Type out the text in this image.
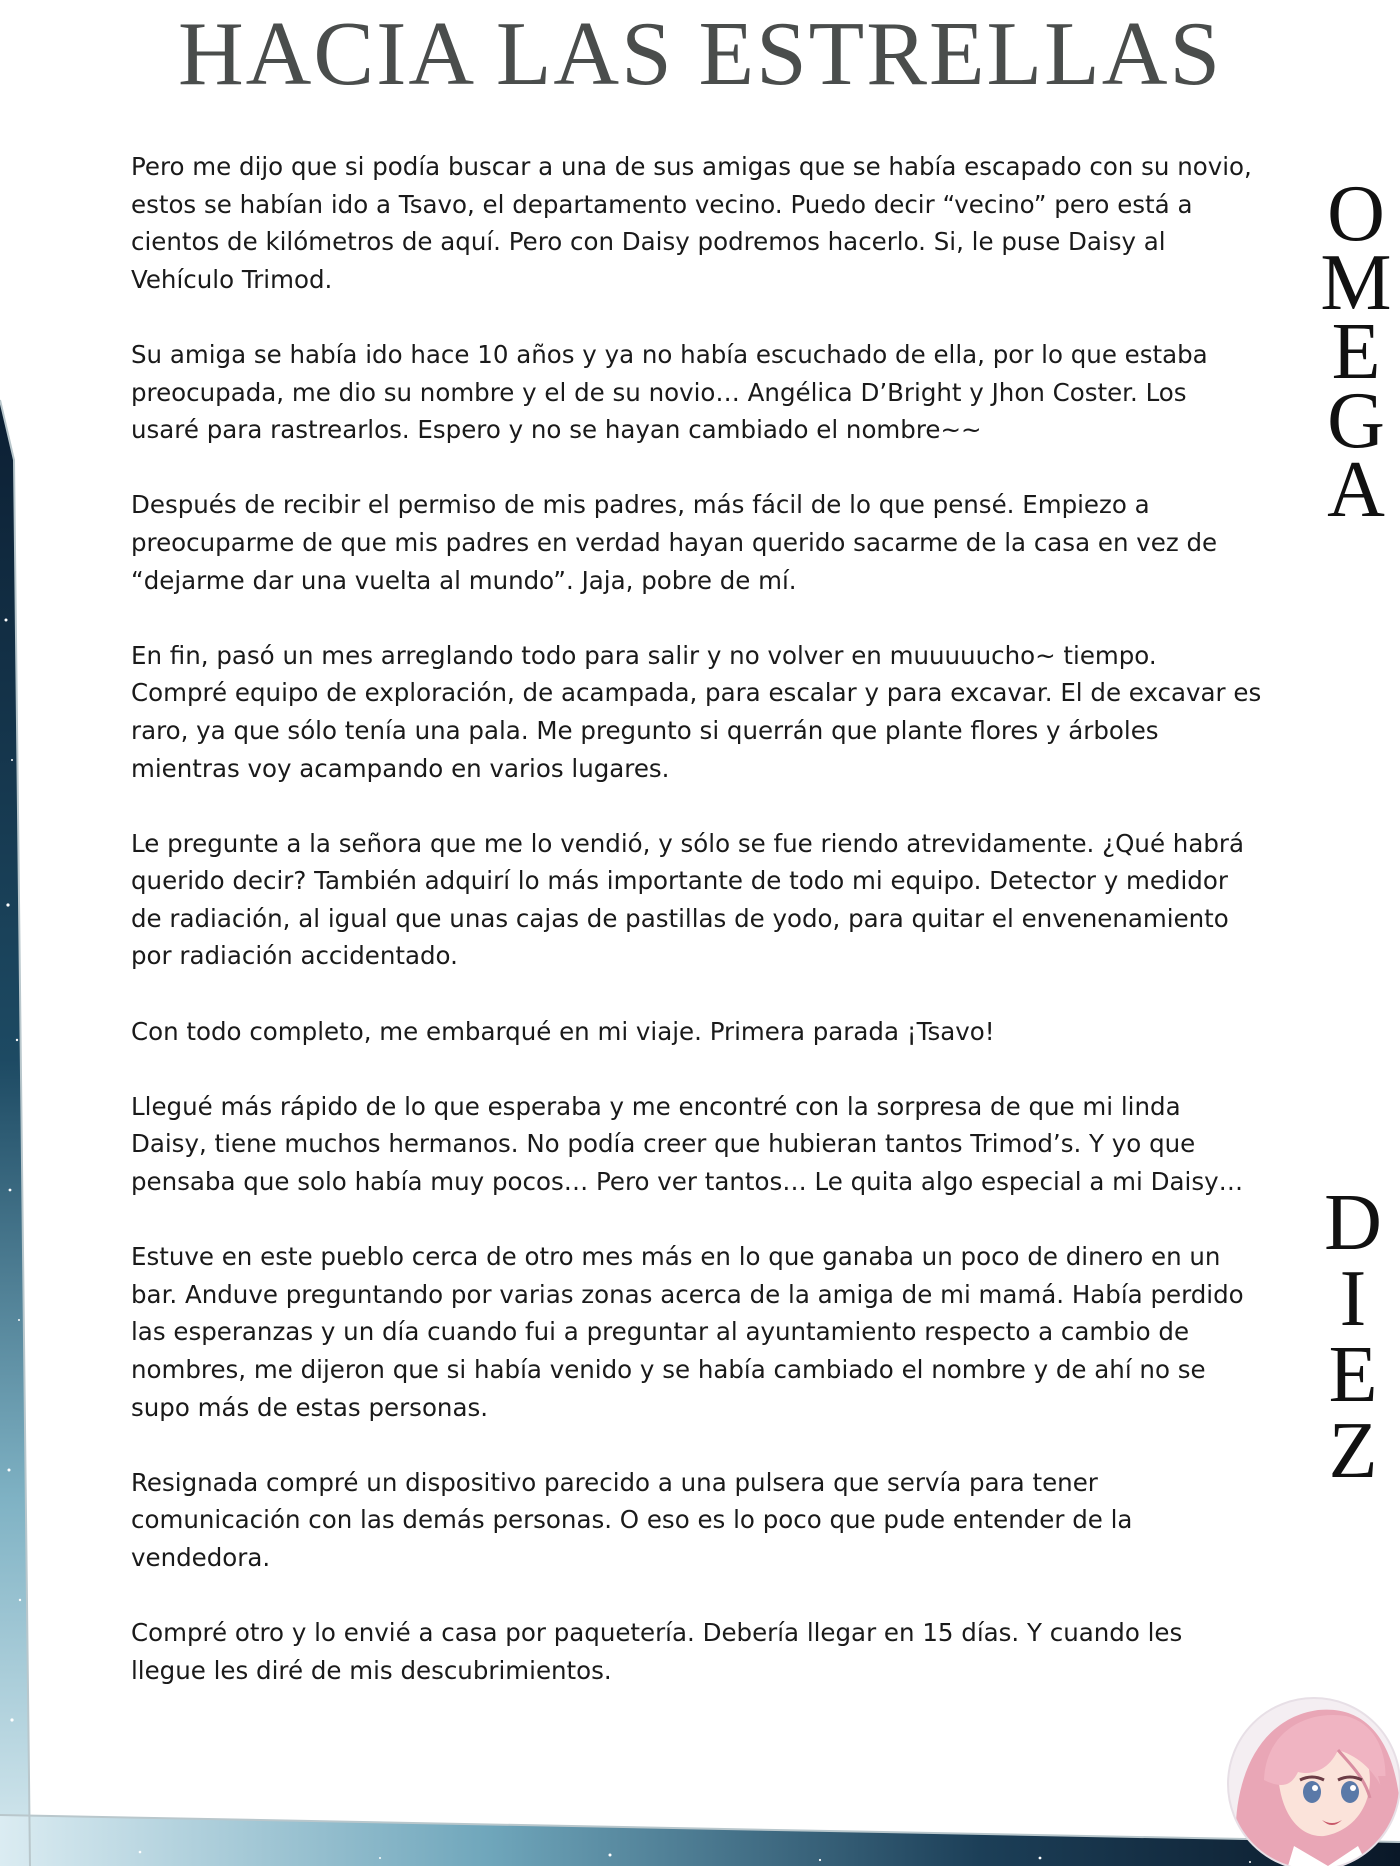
HACIA LAS ESTRELLAS

Pero me dijo que si podía buscar a una de sus amigas que se había escapado con su novio,
estos se habían ido a Tsavo, el departamento vecino. Puedo decir “vecino” pero está a
cientos de kilómetros de aquí. Pero con Daisy podremos hacerlo. Si, le puse Daisy al
Vehículo Trimod.

Su amiga se había ido hace 10 años y ya no había escuchado de ella, por lo que estaba
preocupada, me dio su nombre y el de su novio… Angélica D’Bright y Jhon Coster. Los
usaré para rastrearlos. Espero y no se hayan cambiado el nombre~~

Después de recibir el permiso de mis padres, más fácil de lo que pensé. Empiezo a
preocuparme de que mis padres en verdad hayan querido sacarme de la casa en vez de
“dejarme dar una vuelta al mundo”. Jaja, pobre de mí.

En fin, pasó un mes arreglando todo para salir y no volver en muuuuucho~ tiempo.
Compré equipo de exploración, de acampada, para escalar y para excavar. El de excavar es
raro, ya que sólo tenía una pala. Me pregunto si querrán que plante flores y árboles
mientras voy acampando en varios lugares.

Le pregunte a la señora que me lo vendió, y sólo se fue riendo atrevidamente. ¿Qué habrá
querido decir? También adquirí lo más importante de todo mi equipo. Detector y medidor
de radiación, al igual que unas cajas de pastillas de yodo, para quitar el envenenamiento
por radiación accidentado.

Con todo completo, me embarqué en mi viaje. Primera parada ¡Tsavo!

Llegué más rápido de lo que esperaba y me encontré con la sorpresa de que mi linda
Daisy, tiene muchos hermanos. No podía creer que hubieran tantos Trimod’s. Y yo que
pensaba que solo había muy pocos… Pero ver tantos… Le quita algo especial a mi Daisy…

Estuve en este pueblo cerca de otro mes más en lo que ganaba un poco de dinero en un
bar. Anduve preguntando por varias zonas acerca de la amiga de mi mamá. Había perdido
las esperanzas y un día cuando fui a preguntar al ayuntamiento respecto a cambio de
nombres, me dijeron que si había venido y se había cambiado el nombre y de ahí no se
supo más de estas personas.

Resignada compré un dispositivo parecido a una pulsera que servía para tener
comunicación con las demás personas. O eso es lo poco que pude entender de la
vendedora.

Compré otro y lo envié a casa por paquetería. Debería llegar en 15 días. Y cuando les
llegue les diré de mis descubrimientos.

O
M
E
G
A
D
I
E
Z
